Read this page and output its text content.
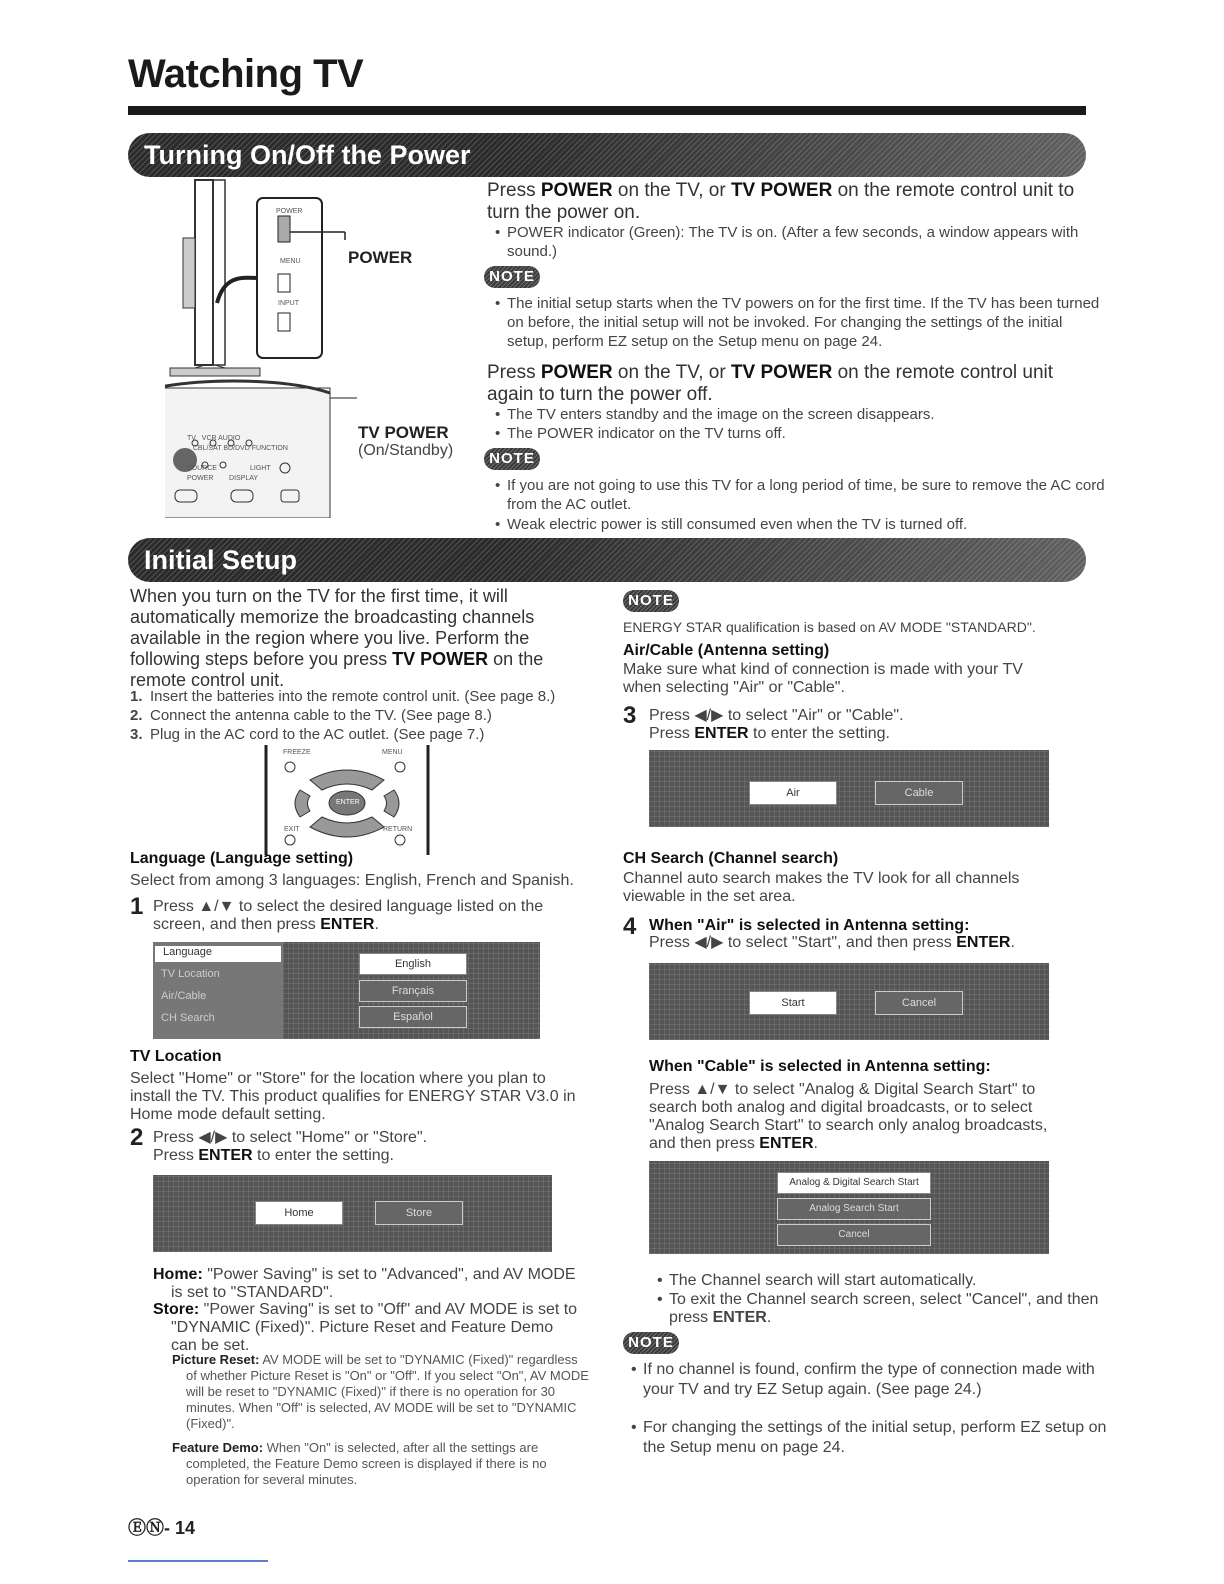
Watching TV
Turning On/Off the Power
POWER
MENU
INPUT
POWER
TV VCR AUDIO
CBL/SAT BD/DVD FUNCTION

SOURCE	LIGHT
POWER DISPLAY
TV POWER
(On/Standby)
Press POWER on the TV, or TV POWER on the remote control unit to turn the power on.
• POWER indicator (Green): The TV is on. (After a few seconds, a window appears with sound.)
NOTE
• The initial setup starts when the TV powers on for the first time. If the TV has been turned on before, the initial setup will not be invoked. For changing the settings of the initial setup, perform EZ setup on the Setup menu on page 24.
Press POWER on the TV, or TV POWER on the remote control unit again to turn the power off.
• The TV enters standby and the image on the screen disappears.
• The POWER indicator on the TV turns off.
NOTE
• If you are not going to use this TV for a long period of time, be sure to remove the AC cord from the AC outlet.
• Weak electric power is still consumed even when the TV is turned off.
Initial Setup
When you turn on the TV for the first time, it will automatically memorize the broadcasting channels available in the region where you live. Perform the following steps before you press TV POWER on the remote control unit.
1. Insert the batteries into the remote control unit. (See page 8.)
2. Connect the antenna cable to the TV. (See page 8.)
3. Plug in the AC cord to the AC outlet. (See page 7.)
FREEZE	MENU
ENTER
EXIT	RETURN
Language (Language setting)
Select from among 3 languages: English, French and Spanish.
1 Press ▲/▼ to select the desired language listed on the screen, and then press ENTER.
Language
TV Location
Air/Cable
CH Search
English
Français
Español
TV Location
Select "Home" or "Store" for the location where you plan to install the TV. This product qualifies for ENERGY STAR V3.0 in Home mode default setting.
2 Press ◀/▶ to select "Home" or "Store".
Press ENTER to enter the setting.
Home	Store
Home: "Power Saving" is set to "Advanced", and AV MODE is set to "STANDARD".
Store: "Power Saving" is set to "Off" and AV MODE is set to "DYNAMIC (Fixed)". Picture Reset and Feature Demo can be set.
Picture Reset: AV MODE will be set to "DYNAMIC (Fixed)" regardless of whether Picture Reset is "On" or "Off". If you select "On", AV MODE will be reset to "DYNAMIC (Fixed)" if there is no operation for 30 minutes. When "Off" is selected, AV MODE will be set to "DYNAMIC (Fixed)".
Feature Demo: When "On" is selected, after all the settings are completed, the Feature Demo screen is displayed if there is no operation for several minutes.
NOTE
ENERGY STAR qualification is based on AV MODE "STANDARD".
Air/Cable (Antenna setting)
Make sure what kind of connection is made with your TV when selecting "Air" or "Cable".
3 Press ◀/▶ to select "Air" or "Cable".
Press ENTER to enter the setting.
Air	Cable
CH Search (Channel search)
Channel auto search makes the TV look for all channels viewable in the set area.
4 When "Air" is selected in Antenna setting:
Press ◀/▶ to select "Start", and then press ENTER.
Start	Cancel
When "Cable" is selected in Antenna setting:
Press ▲/▼ to select "Analog & Digital Search Start" to search both analog and digital broadcasts, or to select "Analog Search Start" to search only analog broadcasts, and then press ENTER.
Analog & Digital Search Start
Analog Search Start
Cancel
• The Channel search will start automatically.
• To exit the Channel search screen, select "Cancel", and then press ENTER.
NOTE
• If no channel is found, confirm the type of connection made with your TV and try EZ Setup again. (See page 24.)
• For changing the settings of the initial setup, perform EZ setup on the Setup menu on page 24.
ⒺⓃ- 14
